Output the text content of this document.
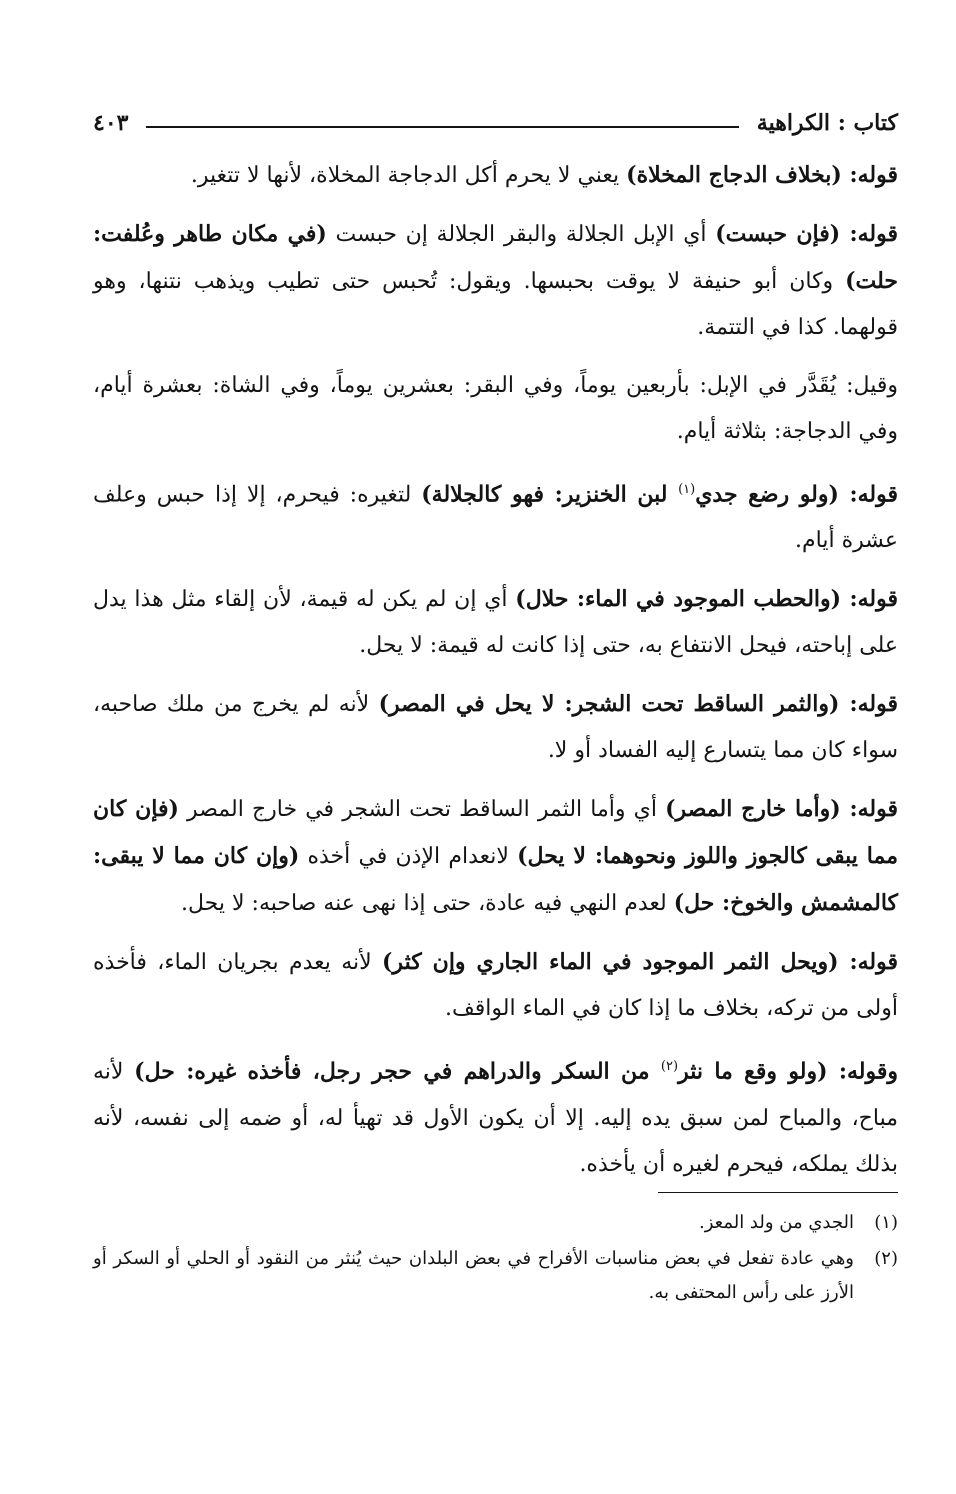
كتاب : الكراهية
٤٠٣

قوله: (بخلاف الدجاج المخلاة) يعني لا يحرم أكل الدجاجة المخلاة، لأنها لا تتغير.

قوله: (فإن حبست) أي الإبل الجلالة والبقر الجلالة إن حبست (في مكان طاهر وعُلفت: حلت) وكان أبو حنيفة لا يوقت بحبسها. ويقول: تُحبس حتى تطيب ويذهب نتنها، وهو قولهما. كذا في التتمة.

وقيل: يُقَدَّر في الإبل: بأربعين يوماً، وفي البقر: بعشرين يوماً، وفي الشاة: بعشرة أيام، وفي الدجاجة: بثلاثة أيام.

قوله: (ولو رضع جدي$^{(١)}$ لبن الخنزير: فهو كالجلالة) لتغيره: فيحرم، إلا إذا حبس وعلف عشرة أيام.

قوله: (والحطب الموجود في الماء: حلال) أي إن لم يكن له قيمة، لأن إلقاء مثل هذا يدل على إباحته، فيحل الانتفاع به، حتى إذا كانت له قيمة: لا يحل.

قوله: (والثمر الساقط تحت الشجر: لا يحل في المصر) لأنه لم يخرج من ملك صاحبه، سواء كان مما يتسارع إليه الفساد أو لا.

قوله: (وأما خارج المصر) أي وأما الثمر الساقط تحت الشجر في خارج المصر (فإن كان مما يبقى كالجوز واللوز ونحوهما: لا يحل) لانعدام الإذن في أخذه (وإن كان مما لا يبقى: كالمشمش والخوخ: حل) لعدم النهي فيه عادة، حتى إذا نهى عنه صاحبه: لا يحل.

قوله: (ويحل الثمر الموجود في الماء الجاري وإن كثر) لأنه يعدم بجريان الماء، فأخذه أولى من تركه، بخلاف ما إذا كان في الماء الواقف.

وقوله: (ولو وقع ما نثر$^{(٢)}$ من السكر والدراهم في حجر رجل، فأخذه غيره: حل) لأنه مباح، والمباح لمن سبق يده إليه. إلا أن يكون الأول قد تهيأ له، أو ضمه إلى نفسه، لأنه بذلك يملكه، فيحرم لغيره أن يأخذه.

(١)
الجدي من ولد المعز.
(٢)
وهي عادة تفعل في بعض مناسبات الأفراح في بعض البلدان حيث يُنثر من النقود أو الحلي أو السكر أو الأرز على رأس المحتفى به.
